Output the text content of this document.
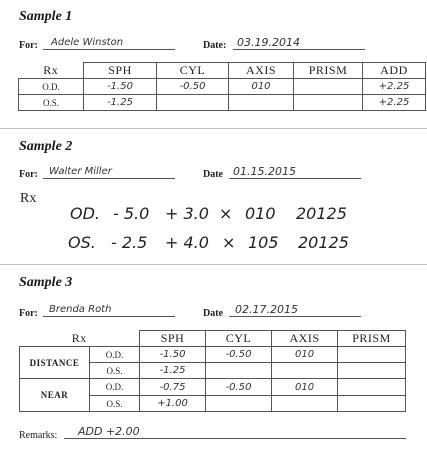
Sample 1
For: Adele Winston	Date: 03.19.2014
Rx	SPH	CYL	AXIS	PRISM	ADD
O.D.	-1.50	-0.50	010		+2.25
O.S.	-1.25				+2.25
Sample 2
For: Walter Miller	Date 01.15.2015
Rx
OD. - 5.0 + 3.0 × 010 20125
OS. - 2.5 + 4.0 × 105 20125
Sample 3
For: Brenda Roth	Date 02.17.2015
Rx		SPH	CYL	AXIS	PRISM
DISTANCE	O.D.	-1.50	-0.50	010	
	O.S.	-1.25			
NEAR	O.D.	-0.75	-0.50	010	
	O.S.	+1.00			
Remarks: ADD +2.00
